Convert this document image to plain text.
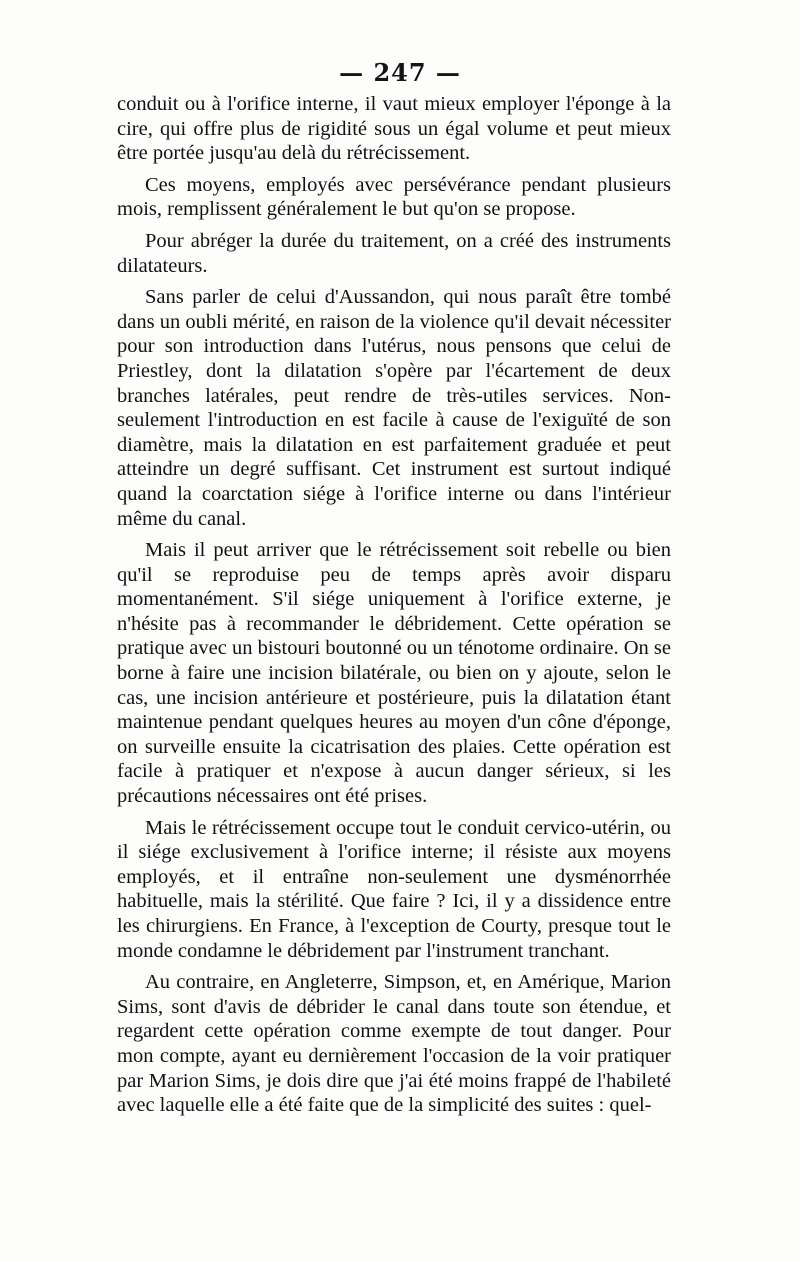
— 247 —

conduit ou à l'orifice interne, il vaut mieux employer l'éponge à la cire, qui offre plus de rigidité sous un égal volume et peut mieux être portée jusqu'au delà du rétrécissement.

Ces moyens, employés avec persévérance pendant plusieurs mois, remplissent généralement le but qu'on se propose.

Pour abréger la durée du traitement, on a créé des instruments dilatateurs.

Sans parler de celui d'Aussandon, qui nous paraît être tombé dans un oubli mérité, en raison de la violence qu'il devait nécessiter pour son introduction dans l'utérus, nous pensons que celui de Priestley, dont la dilatation s'opère par l'écartement de deux branches latérales, peut rendre de très-utiles services. Non-seulement l'introduction en est facile à cause de l'exiguïté de son diamètre, mais la dilatation en est parfaitement graduée et peut atteindre un degré suffisant. Cet instrument est surtout indiqué quand la coarctation siége à l'orifice interne ou dans l'intérieur même du canal.

Mais il peut arriver que le rétrécissement soit rebelle ou bien qu'il se reproduise peu de temps après avoir disparu momentanément. S'il siége uniquement à l'orifice externe, je n'hésite pas à recommander le débridement. Cette opération se pratique avec un bistouri boutonné ou un ténotome ordinaire. On se borne à faire une incision bilatérale, ou bien on y ajoute, selon le cas, une incision antérieure et postérieure, puis la dilatation étant maintenue pendant quelques heures au moyen d'un cône d'éponge, on surveille ensuite la cicatrisation des plaies. Cette opération est facile à pratiquer et n'expose à aucun danger sérieux, si les précautions nécessaires ont été prises.

Mais le rétrécissement occupe tout le conduit cervico-utérin, ou il siége exclusivement à l'orifice interne; il résiste aux moyens employés, et il entraîne non-seulement une dysménorrhée habituelle, mais la stérilité. Que faire ? Ici, il y a dissidence entre les chirurgiens. En France, à l'exception de Courty, presque tout le monde condamne le débridement par l'instrument tranchant.

Au contraire, en Angleterre, Simpson, et, en Amérique, Marion Sims, sont d'avis de débrider le canal dans toute son étendue, et regardent cette opération comme exempte de tout danger. Pour mon compte, ayant eu dernièrement l'occasion de la voir pratiquer par Marion Sims, je dois dire que j'ai été moins frappé de l'habileté avec laquelle elle a été faite que de la simplicité des suites : quel-
